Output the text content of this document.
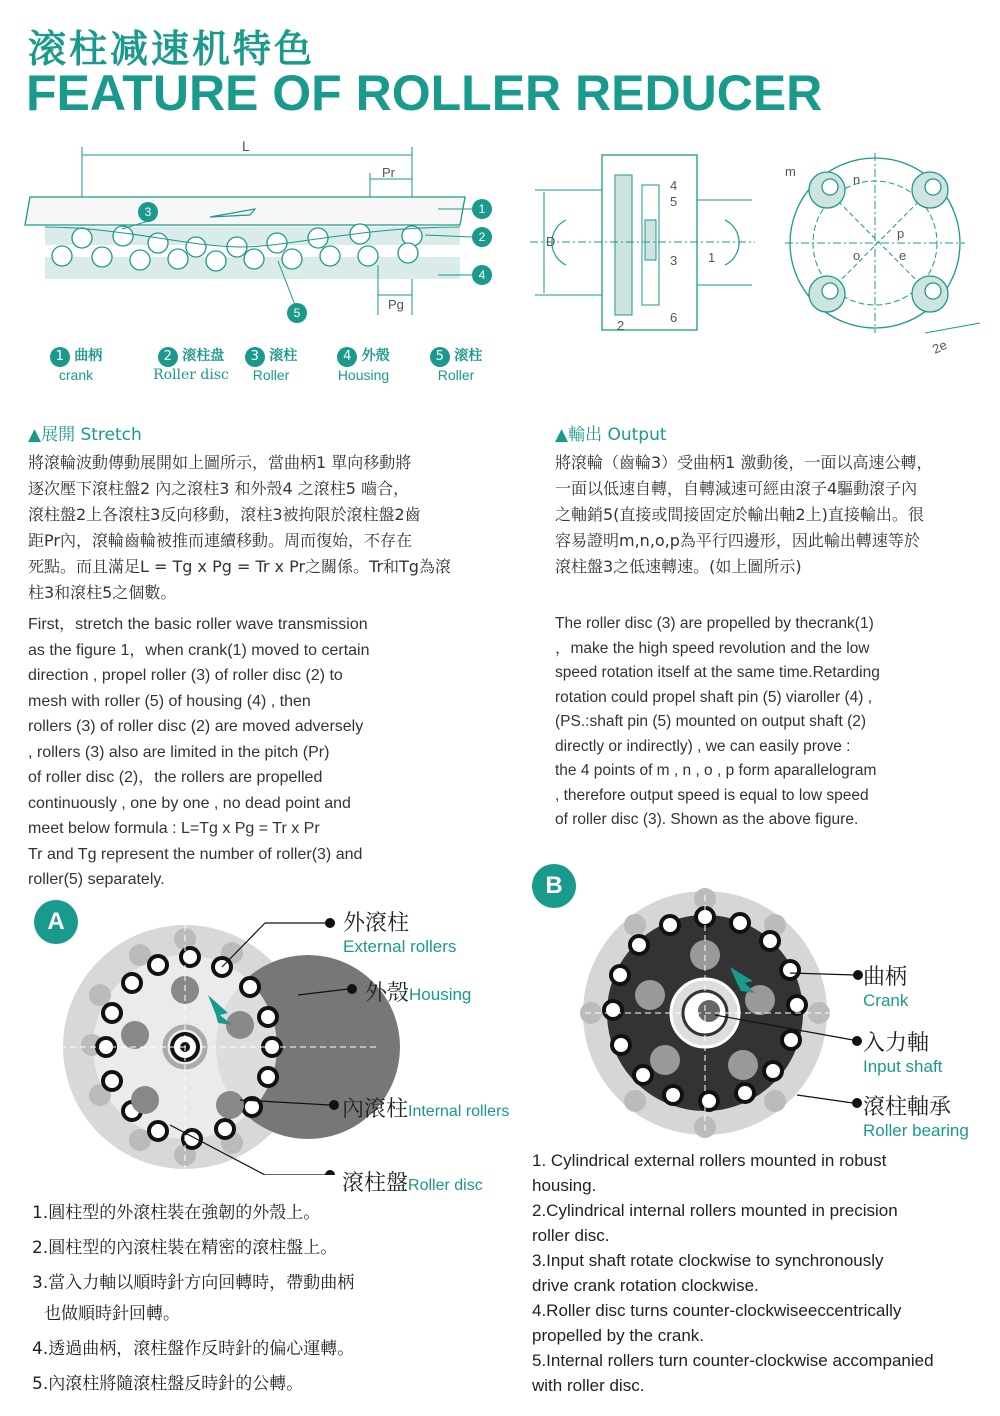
滚柱减速机特色
FEATURE OF ROLLER REDUCER
L
Pr
Pg
3	1
2
4
5
1 曲柄
crank
2 滚柱盘
Roller disc
3 滚柱
Roller
4 外殻
Housing
5 滚柱
Roller
D
1
2
3
4
5
6
m
n
o
p
e
2e
▲展開 Stretch
將滾輪波動傳動展開如上圖所示，當曲柄1 單向移動將
逐次壓下滾柱盤2 內之滾柱3 和外殼4 之滾柱5 嚙合，
滾柱盤2上各滾柱3反向移動，滾柱3被拘限於滾柱盤2齒
距Pr內，滾輪齒輪被推而連續移動。周而復始，不存在
死點。而且滿足L = Tg x Pg = Tr x Pr之關係。Tr和Tg為滾
柱3和滾柱5之個數。
First，stretch the basic roller wave transmission
as the figure 1，when crank(1) moved to certain
direction , propel roller (3) of roller disc (2) to
mesh with roller (5) of housing (4) , then
rollers (3) of roller disc (2) are moved adversely
, rollers (3) also are limited in the pitch (Pr)
of roller disc (2)，the rollers are propelled
continuously , one by one , no dead point and
meet below formula : L=Tg x Pg = Tr x Pr
Tr and Tg represent the number of roller(3) and
roller(5) separately.
▲輸出 Output
將滾輪（齒輪3）受曲柄1 激動後，一面以高速公轉，
一面以低速自轉，自轉減速可經由滾子4驅動滾子內
之軸銷5(直接或間接固定於輸出軸2上)直接輸出。很
容易證明m,n,o,p為平行四邊形，因此輸出轉速等於
滾柱盤3之低速轉速。(如上圖所示)
The roller disc (3) are propelled by thecrank(1)
，make the high speed revolution and the low
speed rotation itself at the same time.Retarding
rotation could propel shaft pin (5) viaroller (4) ,
(PS.:shaft pin (5) mounted on output shaft (2)
directly or indirectly) , we can easily prove :
the 4 points of m , n , o , p form aparallelogram
, therefore output speed is equal to low speed
of roller disc (3). Shown as the above figure.
A	外滾柱
External rollers
外殼Housing
內滾柱Internal rollers
滾柱盤Roller disc
1.圓柱型的外滾柱裝在強韌的外殼上。
2.圓柱型的內滾柱裝在精密的滾柱盤上。
3.當入力軸以順時針方向回轉時，帶動曲柄
也做順時針回轉。
4.透過曲柄，滾柱盤作反時針的偏心運轉。
5.內滾柱將隨滾柱盤反時針的公轉。
B
曲柄
Crank
入力軸
Input shaft
滾柱軸承
Roller bearing
1. Cylindrical external rollers mounted in robust
housing.
2.Cylindrical internal rollers mounted in precision
roller disc.
3.Input shaft rotate clockwise to synchronously
drive crank rotation clockwise.
4.Roller disc turns counter-clockwiseeccentrically
propelled by the crank.
5.Internal rollers turn counter-clockwise accompanied
with roller disc.
